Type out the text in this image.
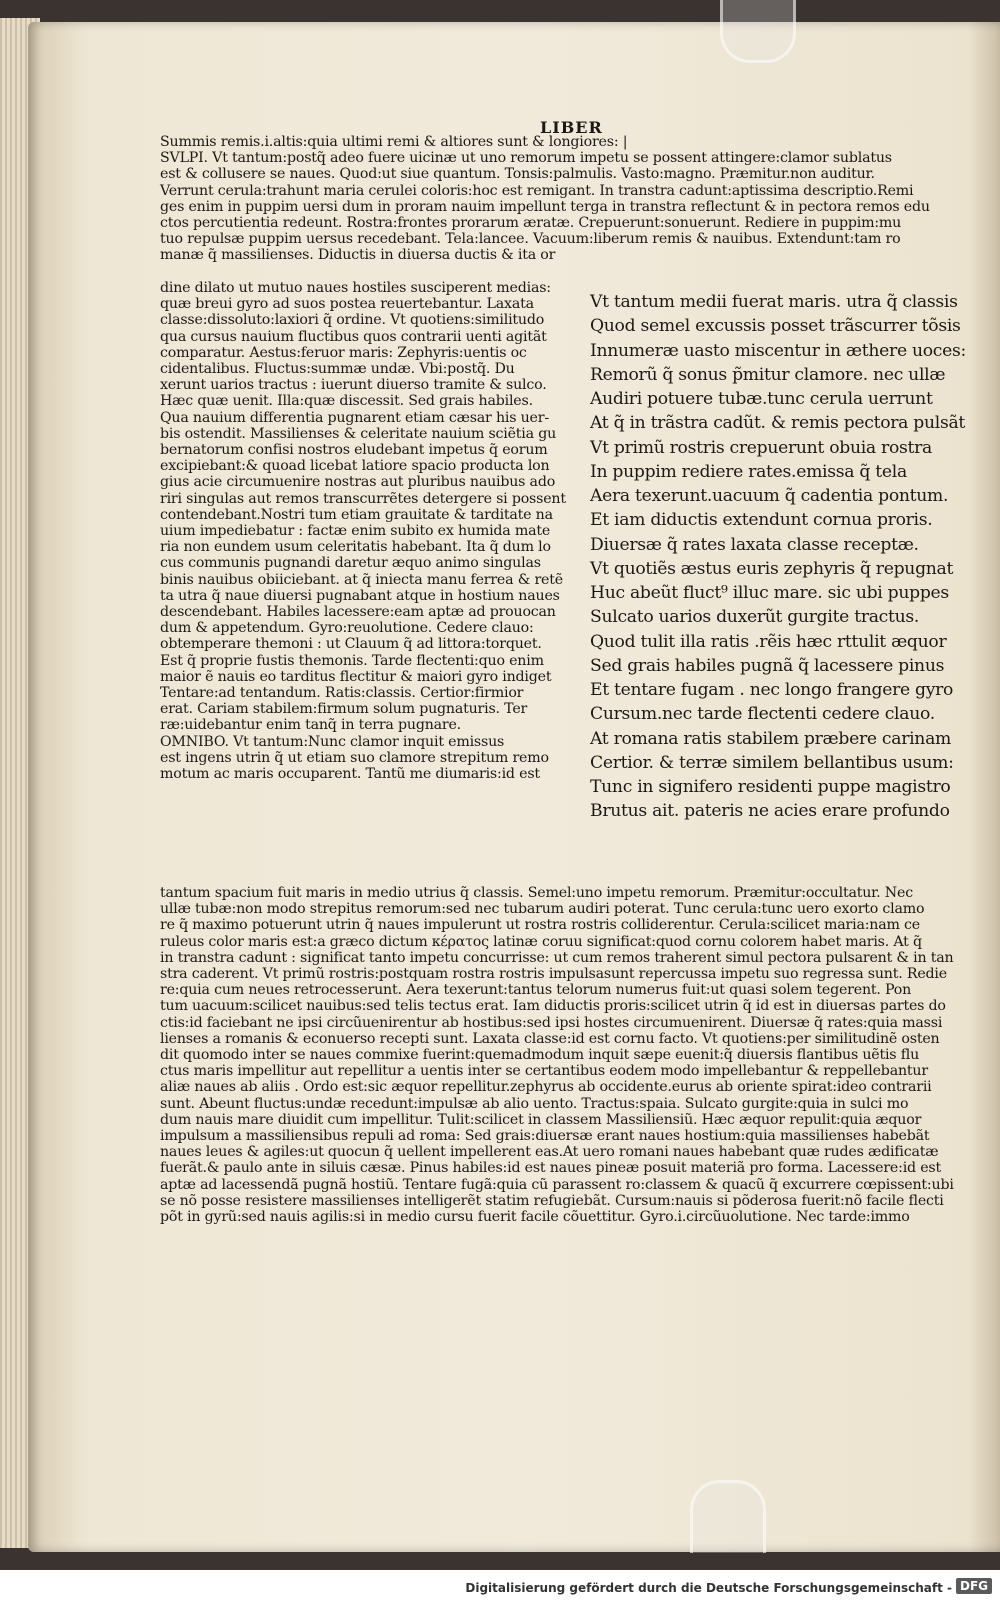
LIBER
Summis remis.i.altis:quia ultimi remi & altiores sunt & longiores: |
SVLPI. Vt tantum:postq̃ adeo fuere uicinæ ut uno remorum impetu se possent attingere:clamor sublatus
est & collusere se naues. Quod:ut siue quantum. Tonsis:palmulis. Vasto:magno. Præmitur.non auditur.
Verrunt cerula:trahunt maria cerulei coloris:hoc est remigant. In transtra cadunt:aptissima descriptio.Remi
ges enim in puppim uersi dum in proram nauim impellunt terga in transtra reflectunt & in pectora remos edu
ctos percutientia redeunt. Rostra:frontes prorarum æratæ. Crepuerunt:sonuerunt. Rediere in puppim:mu
tuo repulsæ puppim uersus recedebant. Tela:lancee. Vacuum:liberum remis & nauibus. Extendunt:tam ro
manæ q̃ massilienses. Diductis in diuersa ductis & ita or
dine dilato ut mutuo naues hostiles susciperent medias:
quæ breui gyro ad suos postea reuertebantur. Laxata
classe:dissoluto:laxiori q̃ ordine. Vt quotiens:similitudo
qua cursus nauium fluctibus quos contrarii uenti agitãt
comparatur. Aestus:feruor maris: Zephyris:uentis oc
cidentalibus. Fluctus:summæ undæ. Vbi:postq̃. Du
xerunt uarios tractus : iuerunt diuerso tramite & sulco.
Hæc quæ uenit. Illa:quæ discessit. Sed grais habiles.
Qua nauium differentia pugnarent etiam cæsar his uer-
bis ostendit. Massilienses & celeritate nauium sciẽtia gu
bernatorum confisi nostros eludebant impetus q̃ eorum
excipiebant:& quoad licebat latiore spacio producta lon
gius acie circumuenire nostras aut pluribus nauibus ado
riri singulas aut remos transcurrẽtes detergere si possent
contendebant.Nostri tum etiam grauitate & tarditate na
uium impediebatur : factæ enim subito ex humida mate
ria non eundem usum celeritatis habebant. Ita q̃ dum lo
cus communis pugnandi daretur æquo animo singulas
binis nauibus obiiciebant. at q̃ iniecta manu ferrea & retẽ
ta utra q̃ naue diuersi pugnabant atque in hostium naues
descendebant. Habiles lacessere:eam aptæ ad prouocan
dum & appetendum. Gyro:reuolutione. Cedere clauo:
obtemperare themoni : ut Clauum q̃ ad littora:torquet.
Est q̃ proprie fustis themonis. Tarde flectenti:quo enim
maior ẽ nauis eo tarditus flectitur & maiori gyro indiget
Tentare:ad tentandum. Ratis:classis. Certior:firmior
erat. Cariam stabilem:firmum solum pugnaturis. Ter
ræ:uidebantur enim tanq̃ in terra pugnare.
OMNIBO. Vt tantum:Nunc clamor inquit emissus
est ingens utrin q̃ ut etiam suo clamore strepitum remo
motum ac maris occuparent. Tantũ me diumaris:id est
Vt tantum medii fuerat maris. utra q̃ classis
Quod semel excussis posset trãscurrer tõsis
Innumeræ uasto miscentur in æthere uoces:
Remorũ q̃ sonus p̃mitur clamore. nec ullæ
Audiri potuere tubæ.tunc cerula uerrunt
At q̃ in trãstra cadũt. & remis pectora pulsãt
Vt primũ rostris crepuerunt obuia rostra
In puppim rediere rates.emissa q̃ tela
Aera texerunt.uacuum q̃ cadentia pontum.
Et iam diductis extendunt cornua proris.
Diuersæ q̃ rates laxata classe receptæ.
Vt quotiẽs æstus euris zephyris q̃ repugnat
Huc abeũt fluct⁹ illuc mare. sic ubi puppes
Sulcato uarios duxerũt gurgite tractus.
Quod tulit illa ratis .rẽis hæc rttulit æquor
Sed grais habiles pugnã q̃ lacessere pinus
Et tentare fugam . nec longo frangere gyro
Cursum.nec tarde flectenti cedere clauo.
At romana ratis stabilem præbere carinam
Certior. & terræ similem bellantibus usum:
Tunc in signifero residenti puppe magistro
Brutus ait. pateris ne acies erare profundo
tantum spacium fuit maris in medio utrius q̃ classis. Semel:uno impetu remorum. Præmitur:occultatur. Nec
ullæ tubæ:non modo strepitus remorum:sed nec tubarum audiri poterat. Tunc cerula:tunc uero exorto clamo
re q̃ maximo potuerunt utrin q̃ naues impulerunt ut rostra rostris colliderentur. Cerula:scilicet maria:nam ce
ruleus color maris est:a græco dictum κέρατος latinæ coruu significat:quod cornu colorem habet maris. At q̃
in transtra cadunt : significat tanto impetu concurrisse: ut cum remos traherent simul pectora pulsarent & in tan
stra caderent. Vt primũ rostris:postquam rostra rostris impulsasunt repercussa impetu suo regressa sunt. Redie
re:quia cum neues retrocesserunt. Aera texerunt:tantus telorum numerus fuit:ut quasi solem tegerent. Pon
tum uacuum:scilicet nauibus:sed telis tectus erat. Iam diductis proris:scilicet utrin q̃ id est in diuersas partes do
ctis:id faciebant ne ipsi circũuenirentur ab hostibus:sed ipsi hostes circumuenirent. Diuersæ q̃ rates:quia massi
lienses a romanis & econuerso recepti sunt. Laxata classe:id est cornu facto. Vt quotiens:per similitudinẽ osten
dit quomodo inter se naues commixe fuerint:quemadmodum inquit sæpe euenit:q̃ diuersis flantibus uẽtis flu
ctus maris impellitur aut repellitur a uentis inter se certantibus eodem modo impellebantur & reppellebantur
aliæ naues ab aliis . Ordo est:sic æquor repellitur.zephyrus ab occidente.eurus ab oriente spirat:ideo contrarii
sunt. Abeunt fluctus:undæ recedunt:impulsæ ab alio uento. Tractus:spaia. Sulcato gurgite:quia in sulci mo
dum nauis mare diuidit cum impellitur. Tulit:scilicet in classem Massiliensiũ. Hæc æquor repulit:quia æquor
impulsum a massiliensibus repuli ad roma: Sed grais:diuersæ erant naues hostium:quia massilienses habebãt
naues leues & agiles:ut quocun q̃ uellent impellerent eas.At uero romani naues habebant quæ rudes ædificatæ
fuerãt.& paulo ante in siluis cæsæ. Pinus habiles:id est naues pineæ posuit materiã pro forma. Lacessere:id est
aptæ ad lacessendã pugnã hostiũ. Tentare fugã:quia cũ parassent ro:classem & quacũ q̃ excurrere cœpissent:ubi
se nõ posse resistere massilienses intelligerẽt statim refugiebãt. Cursum:nauis si põderosa fuerit:nõ facile flecti
põt in gyrũ:sed nauis agilis:si in medio cursu fuerit facile cõuettitur. Gyro.i.circũuolutione. Nec tarde:immo
Digitalisierung gefördert durch die Deutsche Forschungsgemeinschaft - DFG
